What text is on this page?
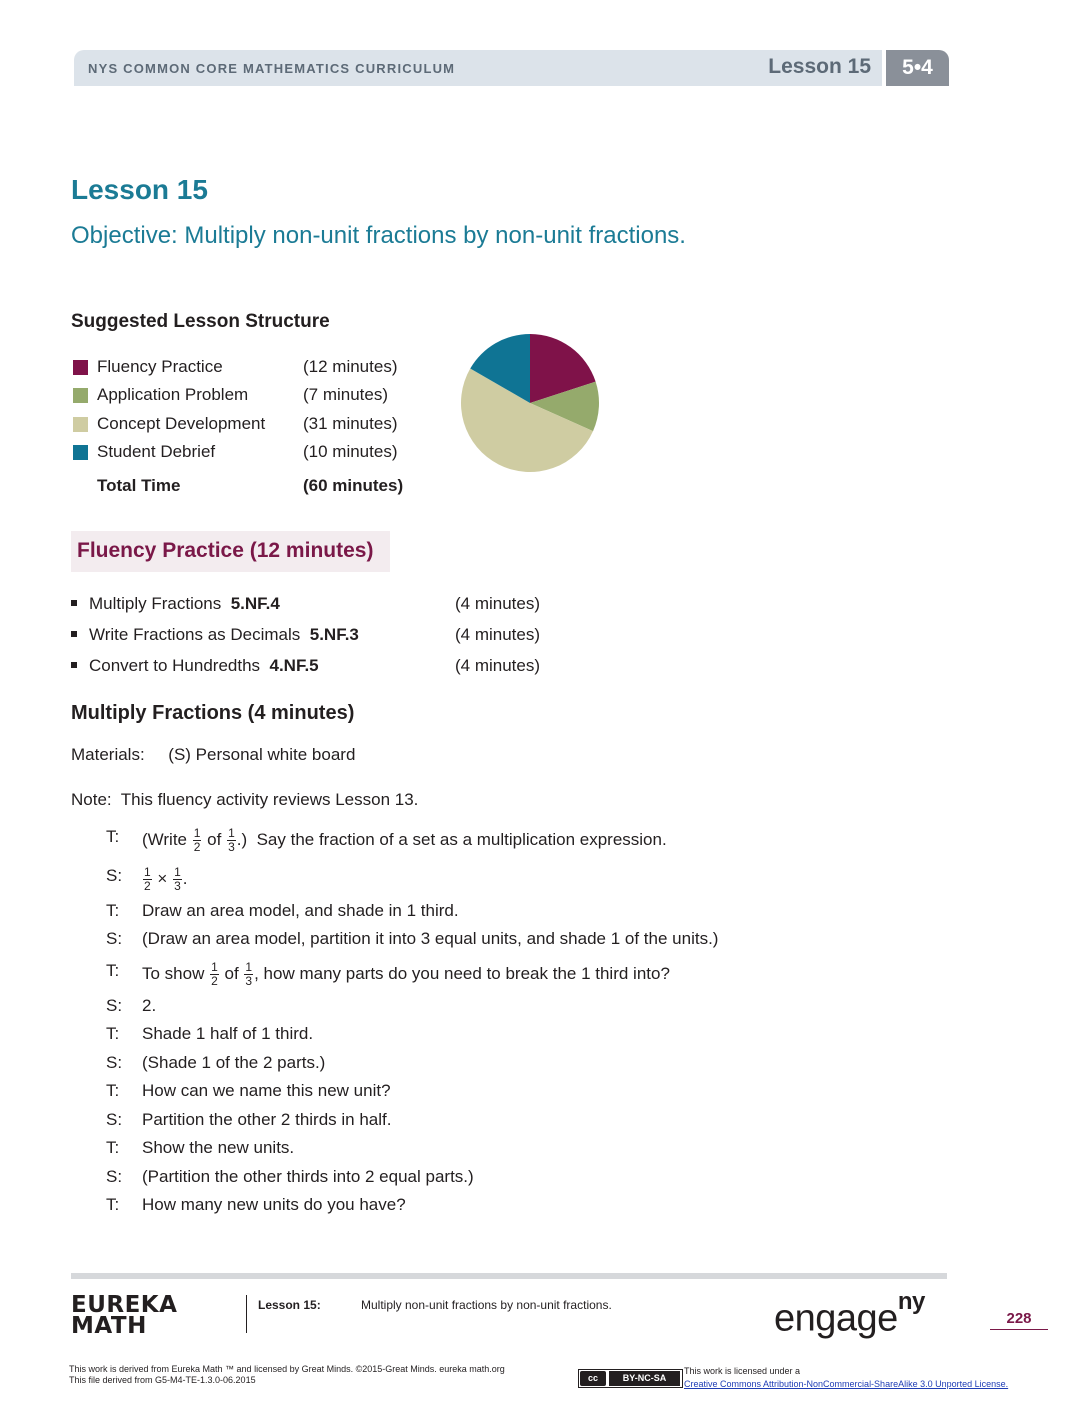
NYS COMMON CORE MATHEMATICS CURRICULUM	Lesson 15	5•4
Lesson 15
Objective: Multiply non-unit fractions by non-unit fractions.
Suggested Lesson Structure
Fluency Practice	(12 minutes)
Application Problem	(7 minutes)
Concept Development (31 minutes)
Student Debrief	(10 minutes)
Total Time	(60 minutes)
Fluency Practice (12 minutes)
Multiply Fractions 5.NF.4	(4 minutes)
Write Fractions as Decimals 5.NF.3	(4 minutes)
Convert to Hundredths 4.NF.5	(4 minutes)
Multiply Fractions (4 minutes)
Materials:     (S) Personal white board
Note:  This fluency activity reviews Lesson 13.
T: (Write $\frac{1}{2}$ of $\frac{1}{3}$ .)  Say the fraction of a set as a multiplication expression.
S: $\frac{1}{2} \times \frac{1}{3}$ .
T: Draw an area model, and shade in 1 third.
S: (Draw an area model, partition it into 3 equal units, and shade 1 of the units.)
T: To show $\frac{1}{2}$ of $\frac{1}{3}$ , how many parts do you need to break the 1 third into?
S: 2.
T: Shade 1 half of 1 third.
S: (Shade 1 of the 2 parts.)
T: How can we name this new unit?
S: Partition the other 2 thirds in half.
T: Show the new units.
S: (Partition the other thirds into 2 equal parts.)
T: How many new units do you have?
EUREKA
MATH
Lesson 15:	Multiply non-unit fractions by non-unit fractions.	engage$^{ny}$
228
This work is derived from Eureka Math ™ and licensed by Great Minds. ©2015-Great Minds. eureka math.org
This file derived from G5-M4-TE-1.3.0-06.2015	cc	BY-NC-SA
This work is licensed under a
Creative Commons Attribution-NonCommercial-ShareAlike 3.0 Unported License.
